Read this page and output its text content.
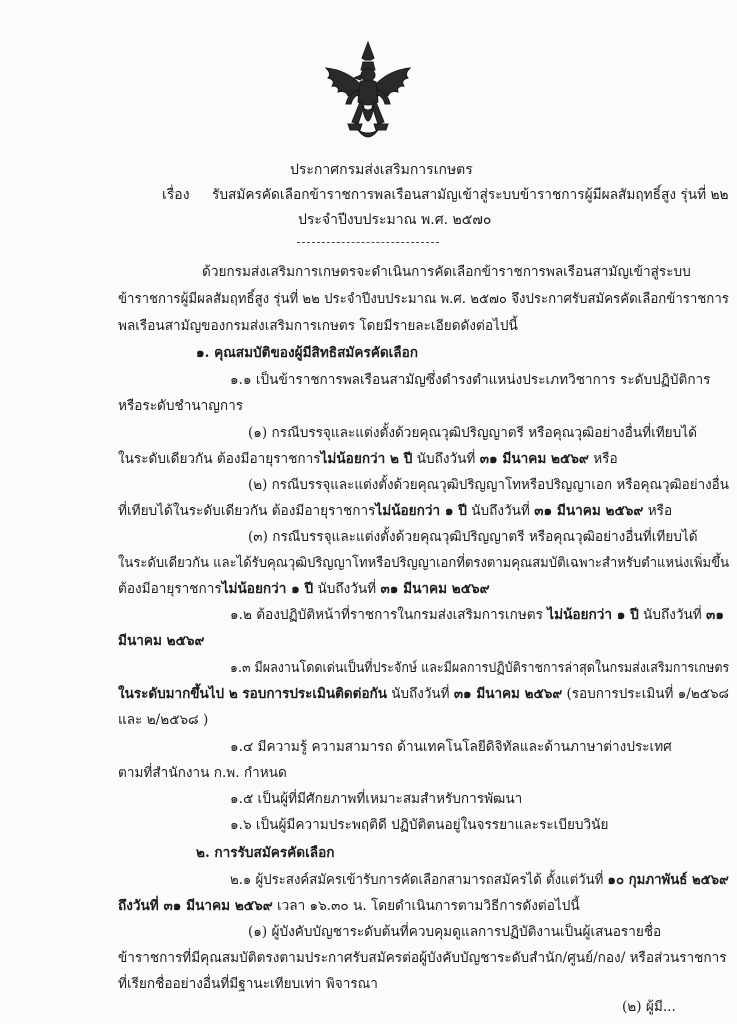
ประกาศกรมส่งเสริมการเกษตร
เรื่อง รับสมัครคัดเลือกข้าราชการพลเรือนสามัญเข้าสู่ระบบข้าราชการผู้มีผลสัมฤทธิ์สูง รุ่นที่ ๒๒
ประจำปีงบประมาณ พ.ศ. ๒๕๗๐
ด้วยกรมส่งเสริมการเกษตรจะดำเนินการคัดเลือกข้าราชการพลเรือนสามัญเข้าสู่ระบบ
ข้าราชการผู้มีผลสัมฤทธิ์สูง รุ่นที่ ๒๒ ประจำปีงบประมาณ พ.ศ. ๒๕๗๐ จึงประกาศรับสมัครคัดเลือกข้าราชการ
พลเรือนสามัญของกรมส่งเสริมการเกษตร โดยมีรายละเอียดดังต่อไปนี้
๑. คุณสมบัติของผู้มีสิทธิสมัครคัดเลือก
๑.๑ เป็นข้าราชการพลเรือนสามัญซึ่งดำรงตำแหน่งประเภทวิชาการ ระดับปฏิบัติการ
หรือระดับชำนาญการ
(๑) กรณีบรรจุและแต่งตั้งด้วยคุณวุฒิปริญญาตรี หรือคุณวุฒิอย่างอื่นที่เทียบได้
ในระดับเดียวกัน ต้องมีอายุราชการไม่น้อยกว่า ๒ ปี นับถึงวันที่ ๓๑ มีนาคม ๒๕๖๙ หรือ
(๒) กรณีบรรจุและแต่งตั้งด้วยคุณวุฒิปริญญาโทหรือปริญญาเอก หรือคุณวุฒิอย่างอื่น
ที่เทียบได้ในระดับเดียวกัน ต้องมีอายุราชการไม่น้อยกว่า ๑ ปี นับถึงวันที่ ๓๑ มีนาคม ๒๕๖๙ หรือ
(๓) กรณีบรรจุและแต่งตั้งด้วยคุณวุฒิปริญญาตรี หรือคุณวุฒิอย่างอื่นที่เทียบได้
ในระดับเดียวกัน และได้รับคุณวุฒิปริญญาโทหรือปริญญาเอกที่ตรงตามคุณสมบัติเฉพาะสำหรับตำแหน่งเพิ่มขึ้น
ต้องมีอายุราชการไม่น้อยกว่า ๑ ปี นับถึงวันที่ ๓๑ มีนาคม ๒๕๖๙
๑.๒ ต้องปฏิบัติหน้าที่ราชการในกรมส่งเสริมการเกษตร ไม่น้อยกว่า ๑ ปี นับถึงวันที่ ๓๑
มีนาคม ๒๕๖๙
๑.๓ มีผลงานโดดเด่นเป็นที่ประจักษ์ และมีผลการปฏิบัติราชการล่าสุดในกรมส่งเสริมการเกษตร
ในระดับมากขึ้นไป ๒ รอบการประเมินติดต่อกัน นับถึงวันที่ ๓๑ มีนาคม ๒๕๖๙ (รอบการประเมินที่ ๑/๒๕๖๘
และ ๒/๒๕๖๘ )
๑.๔ มีความรู้ ความสามารถ ด้านเทคโนโลยีดิจิทัลและด้านภาษาต่างประเทศ
ตามที่สำนักงาน ก.พ. กำหนด
๑.๕ เป็นผู้ที่มีศักยภาพที่เหมาะสมสำหรับการพัฒนา
๑.๖ เป็นผู้มีความประพฤติดี ปฏิบัติตนอยู่ในจรรยาและระเบียบวินัย
๒. การรับสมัครคัดเลือก
๒.๑ ผู้ประสงค์สมัครเข้ารับการคัดเลือกสามารถสมัครได้ ตั้งแต่วันที่ ๑๐ กุมภาพันธ์ ๒๕๖๙
ถึงวันที่ ๓๑ มีนาคม ๒๕๖๙ เวลา ๑๖.๓๐ น. โดยดำเนินการตามวิธีการดังต่อไปนี้
(๑) ผู้บังคับบัญชาระดับต้นที่ควบคุมดูแลการปฏิบัติงานเป็นผู้เสนอรายชื่อ
ข้าราชการที่มีคุณสมบัติตรงตามประกาศรับสมัครต่อผู้บังคับบัญชาระดับสำนัก/ศูนย์/กอง/ หรือส่วนราชการ
ที่เรียกชื่ออย่างอื่นที่มีฐานะเทียบเท่า พิจารณา
(๒) ผู้มี...
